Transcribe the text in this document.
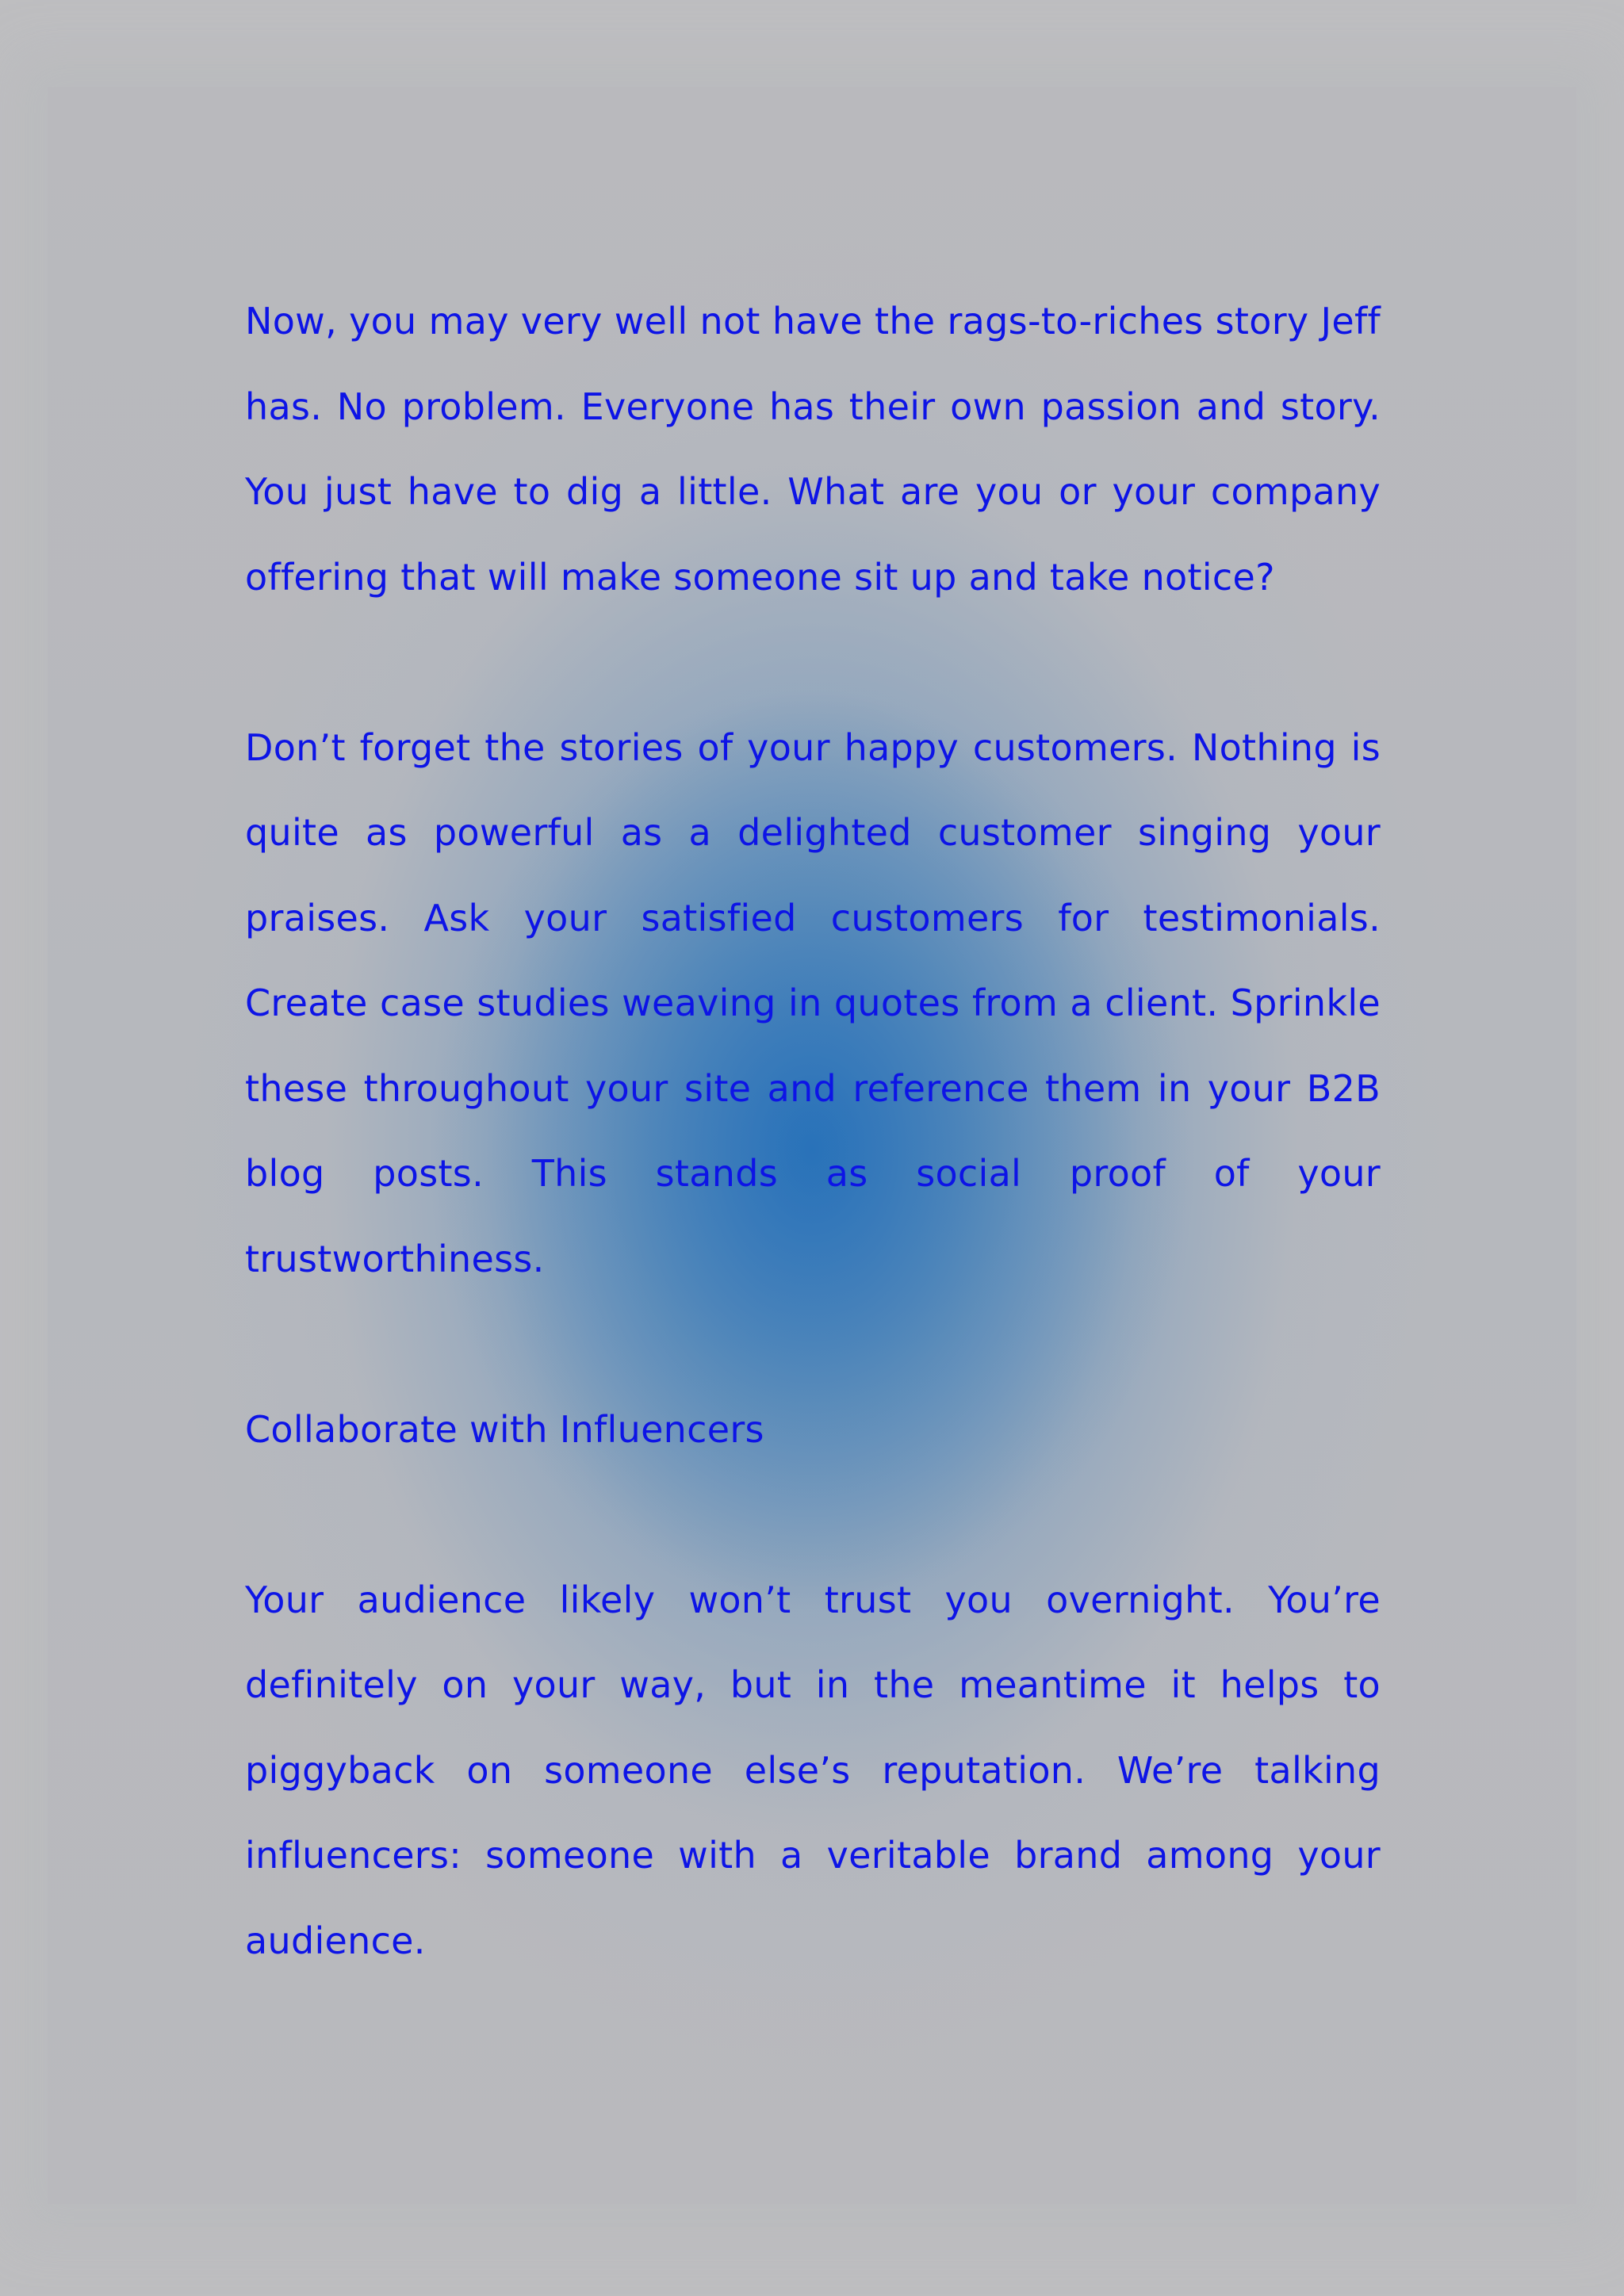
Now, you may very well not have the rags-to-riches story Jeff has. No problem. Everyone has their own passion and story. You just have to dig a little. What are you or your company offering that will make someone sit up and take notice?

Don’t forget the stories of your happy customers. Nothing is quite as powerful as a delighted customer singing your praises. Ask your satisfied customers for testimonials. Create case studies weaving in quotes from a client. Sprinkle these throughout your site and reference them in your B2B blog posts. This stands as social proof of your trustworthiness.

Collaborate with Influencers

Your audience likely won’t trust you overnight. You’re definitely on your way, but in the meantime it helps to piggyback on someone else’s reputation. We’re talking influencers: someone with a veritable brand among your audience.
